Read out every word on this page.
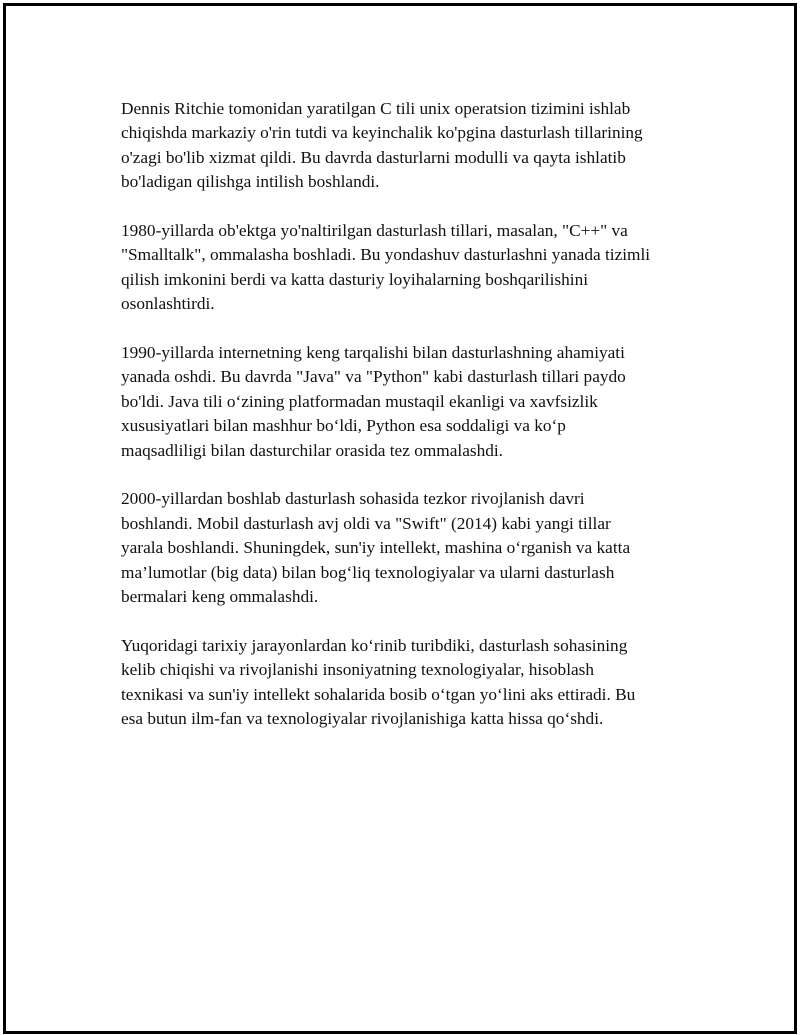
Dennis Ritchie tomonidan yaratilgan C tili unix operatsion tizimini ishlab
chiqishda markaziy o'rin tutdi va keyinchalik ko'pgina dasturlash tillarining
o'zagi bo'lib xizmat qildi. Bu davrda dasturlarni modulli va qayta ishlatib
bo'ladigan qilishga intilish boshlandi.

1980-yillarda ob'ektga yo'naltirilgan dasturlash tillari, masalan, "C++" va
"Smalltalk", ommalasha boshladi. Bu yondashuv dasturlashni yanada tizimli
qilish imkonini berdi va katta dasturiy loyihalarning boshqarilishini
osonlashtirdi.

1990-yillarda internetning keng tarqalishi bilan dasturlashning ahamiyati
yanada oshdi. Bu davrda "Java" va "Python" kabi dasturlash tillari paydo
bo'ldi. Java tili o‘zining platformadan mustaqil ekanligi va xavfsizlik
xususiyatlari bilan mashhur bo‘ldi, Python esa soddaligi va ko‘p
maqsadliligi bilan dasturchilar orasida tez ommalashdi.

2000-yillardan boshlab dasturlash sohasida tezkor rivojlanish davri
boshlandi. Mobil dasturlash avj oldi va "Swift" (2014) kabi yangi tillar
yarala boshlandi. Shuningdek, sun'iy intellekt, mashina o‘rganish va katta
ma’lumotlar (big data) bilan bog‘liq texnologiyalar va ularni dasturlash
bermalari keng ommalashdi.

Yuqoridagi tarixiy jarayonlardan ko‘rinib turibdiki, dasturlash sohasining
kelib chiqishi va rivojlanishi insoniyatning texnologiyalar, hisoblash
texnikasi va sun'iy intellekt sohalarida bosib o‘tgan yo‘lini aks ettiradi. Bu
esa butun ilm-fan va texnologiyalar rivojlanishiga katta hissa qo‘shdi.
